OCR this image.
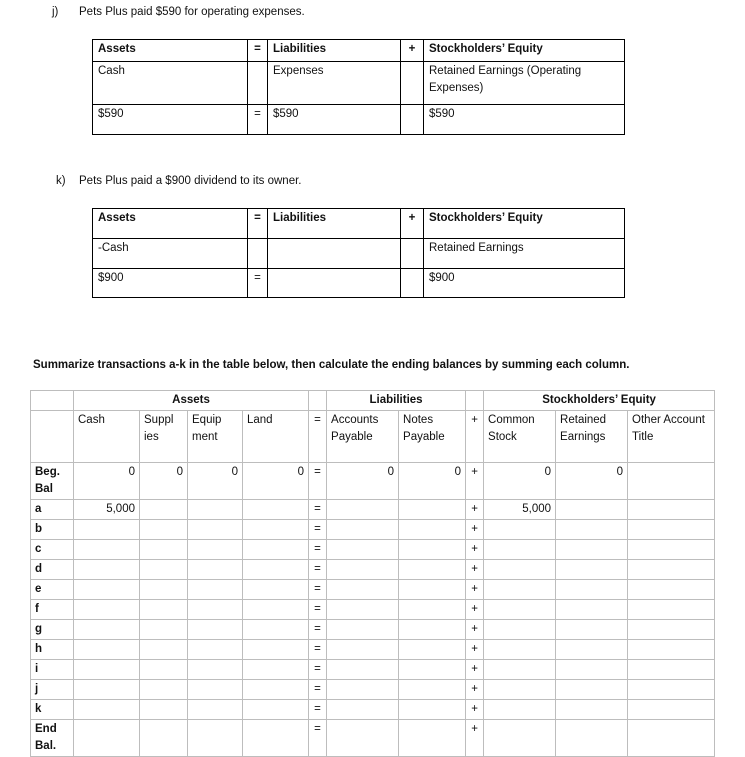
j) Pets Plus paid $590 for operating expenses.
Assets	=	Liabilities	+	Stockholders’ Equity
Cash		Expenses		Retained Earnings (Operating Expenses)
$590	=	$590		$590
k) Pets Plus paid a $900 dividend to its owner.
Assets	=	Liabilities	+	Stockholders’ Equity
-Cash				Retained Earnings
$900	=			$900
Summarize transactions a-k in the table below, then calculate the ending balances by summing each column.
	Assets					Liabilities			Stockholders’ Equity		
	Cash	Suppl ies	Equip ment	Land	=	Accounts Payable	Notes Payable	+	Common Stock	Retained Earnings	Other Account Title
Beg. Bal	0	0	0	0	=	0	0	+	0	0	
a	5,000				=			+	5,000		
b					=			+			
c					=			+			
d					=			+			
e					=			+			
f					=			+			
g					=			+			
h					=			+			
i					=			+			
j					=			+			
k					=			+			
End Bal.					=			+			
